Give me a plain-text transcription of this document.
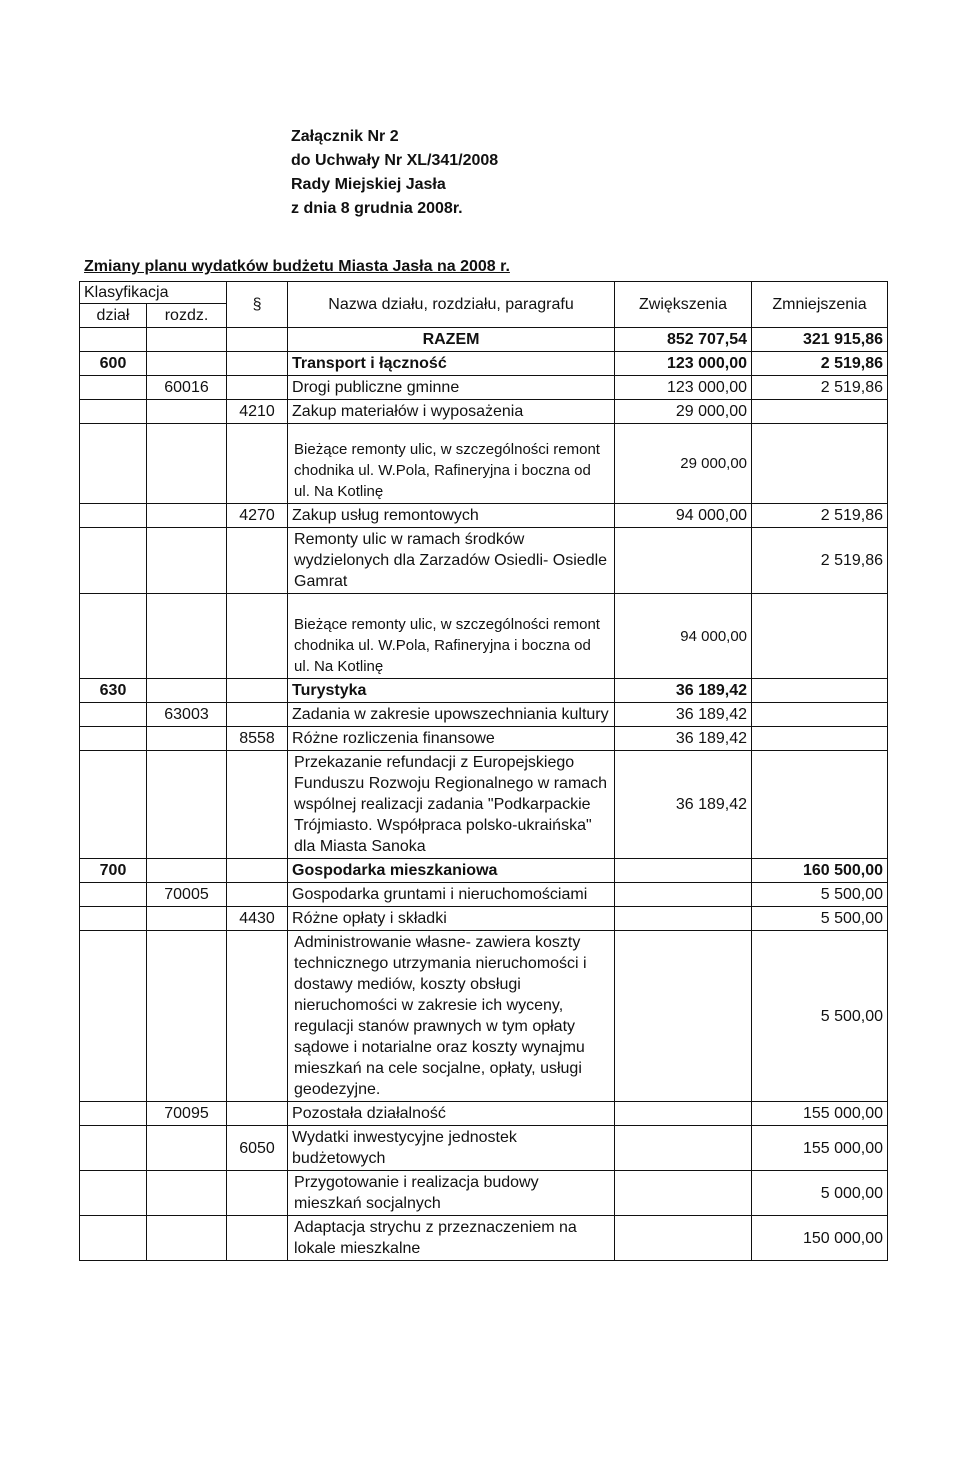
Załącznik Nr 2
do Uchwały Nr XL/341/2008
Rady Miejskiej Jasła
z dnia 8 grudnia 2008r.
Zmiany planu wydatków budżetu Miasta Jasła na 2008 r.
Klasyfikacja		§	Nazwa działu, rozdziału, paragrafu	Zwiększenia	Zmniejszenia
dział	rozdz.				
			RAZEM	852 707,54	321 915,86
600			Transport i łączność	123 000,00	2 519,86
	60016		Drogi publiczne gminne	123 000,00	2 519,86
		4210	Zakup materiałów i wyposażenia	29 000,00	
			Bieżące remonty ulic, w szczególności remont chodnika ul. W.Pola, Rafineryjna i boczna od ul. Na Kotlinę	29 000,00	
		4270	Zakup usług remontowych	94 000,00	2 519,86
			Remonty ulic w ramach środków wydzielonych dla Zarzadów Osiedli- Osiedle Gamrat		2 519,86
			Bieżące remonty ulic, w szczególności remont chodnika ul. W.Pola, Rafineryjna i boczna od ul. Na Kotlinę	94 000,00	
630			Turystyka	36 189,42	
	63003		Zadania w zakresie upowszechniania kultury	36 189,42	
		8558	Różne rozliczenia finansowe	36 189,42	
			Przekazanie refundacji z Europejskiego Funduszu Rozwoju Regionalnego w ramach wspólnej realizacji zadania "Podkarpackie Trójmiasto. Współpraca polsko-ukraińska" dla Miasta Sanoka	36 189,42	
700			Gospodarka mieszkaniowa		160 500,00
	70005		Gospodarka gruntami i nieruchomościami		5 500,00
		4430	Różne opłaty i składki		5 500,00
			Administrowanie własne- zawiera koszty technicznego utrzymania nieruchomości i dostawy mediów, koszty obsługi nieruchomości w zakresie ich wyceny, regulacji stanów prawnych w tym opłaty sądowe i notarialne oraz koszty wynajmu mieszkań na cele socjalne, opłaty, usługi geodezyjne.		5 500,00
	70095		Pozostała działalność		155 000,00
		6050	Wydatki inwestycyjne jednostek budżetowych		155 000,00
			Przygotowanie i realizacja budowy mieszkań socjalnych		5 000,00
			Adaptacja strychu z przeznaczeniem na lokale mieszkalne		150 000,00
